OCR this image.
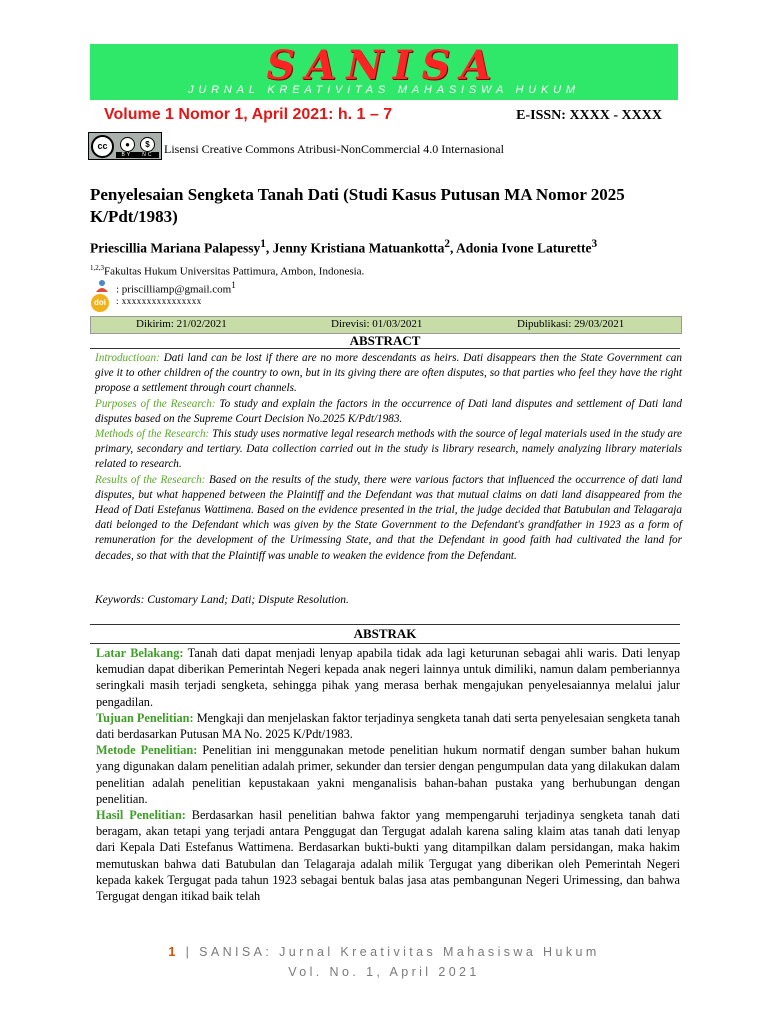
SANISA
JURNAL KREATIVITAS MAHASISWA HUKUM
Volume 1 Nomor 1, April 2021: h. 1 – 7	E-ISSN: XXXX - XXXX
cc	●	$
BY NC Lisensi Creative Commons Atribusi-NonCommercial 4.0 Internasional
Penyelesaian Sengketa Tanah Dati (Studi Kasus Putusan MA Nomor 2025 K/Pdt/1983)
Priescillia Mariana Palapessy$^1$, Jenny Kristiana Matuankotta$^2$, Adonia Ivone Laturette$^3$
$^{1,2,3}$Fakultas Hukum Universitas Pattimura, Ambon, Indonesia.
: priscilliamp@gmail.com$^1$
doi	: xxxxxxxxxxxxxxxx
Dikirim: 21/02/2021	Direvisi: 01/03/2021	Dipublikasi: 29/03/2021
ABSTRACT

Introductioan: Dati land can be lost if there are no more descendants as heirs. Dati disappears then the State Government can give it to other children of the country to own, but in its giving there are often disputes, so that parties who feel they have the right propose a settlement through court channels.

Purposes of the Research: To study and explain the factors in the occurrence of Dati land disputes and settlement of Dati land disputes based on the Supreme Court Decision No.2025 K/Pdt/1983.

Methods of the Research: This study uses normative legal research methods with the source of legal materials used in the study are primary, secondary and tertiary. Data collection carried out in the study is library research, namely analyzing library materials related to research.

Results of the Research: Based on the results of the study, there were various factors that influenced the occurrence of dati land disputes, but what happened between the Plaintiff and the Defendant was that mutual claims on dati land disappeared from the Head of Dati Estefanus Wattimena. Based on the evidence presented in the trial, the judge decided that Batubulan and Telagaraja dati belonged to the Defendant which was given by the State Government to the Defendant's grandfather in 1923 as a form of remuneration for the development of the Urimessing State, and that the Defendant in good faith had cultivated the land for decades, so that with that the Plaintiff was unable to weaken the evidence from the Defendant.

Keywords: Customary Land; Dati; Dispute Resolution.
ABSTRAK

Latar Belakang: Tanah dati dapat menjadi lenyap apabila tidak ada lagi keturunan sebagai ahli waris. Dati lenyap kemudian dapat diberikan Pemerintah Negeri kepada anak negeri lainnya untuk dimiliki, namun dalam pemberiannya seringkali masih terjadi sengketa, sehingga pihak yang merasa berhak mengajukan penyelesaiannya melalui jalur pengadilan.

Tujuan Penelitian: Mengkaji dan menjelaskan faktor terjadinya sengketa tanah dati serta penyelesaian sengketa tanah dati berdasarkan Putusan MA No. 2025 K/Pdt/1983.

Metode Penelitian: Penelitian ini menggunakan metode penelitian hukum normatif dengan sumber bahan hukum yang digunakan dalam penelitian adalah primer, sekunder dan tersier dengan pengumpulan data yang dilakukan dalam penelitian adalah penelitian kepustakaan yakni menganalisis bahan-bahan pustaka yang berhubungan dengan penelitian.

Hasil Penelitian: Berdasarkan hasil penelitian bahwa faktor yang mempengaruhi terjadinya sengketa tanah dati beragam, akan tetapi yang terjadi antara Penggugat dan Tergugat adalah karena saling klaim atas tanah dati lenyap dari Kepala Dati Estefanus Wattimena. Berdasarkan bukti-bukti yang ditampilkan dalam persidangan, maka hakim memutuskan bahwa dati Batubulan dan Telagaraja adalah milik Tergugat yang diberikan oleh Pemerintah Negeri kepada kakek Tergugat pada tahun 1923 sebagai bentuk balas jasa atas pembangunan Negeri Urimessing, dan bahwa Tergugat dengan itikad baik telah

1 | SANISA: Jurnal Kreativitas Mahasiswa Hukum
Vol. No. 1, April 2021
